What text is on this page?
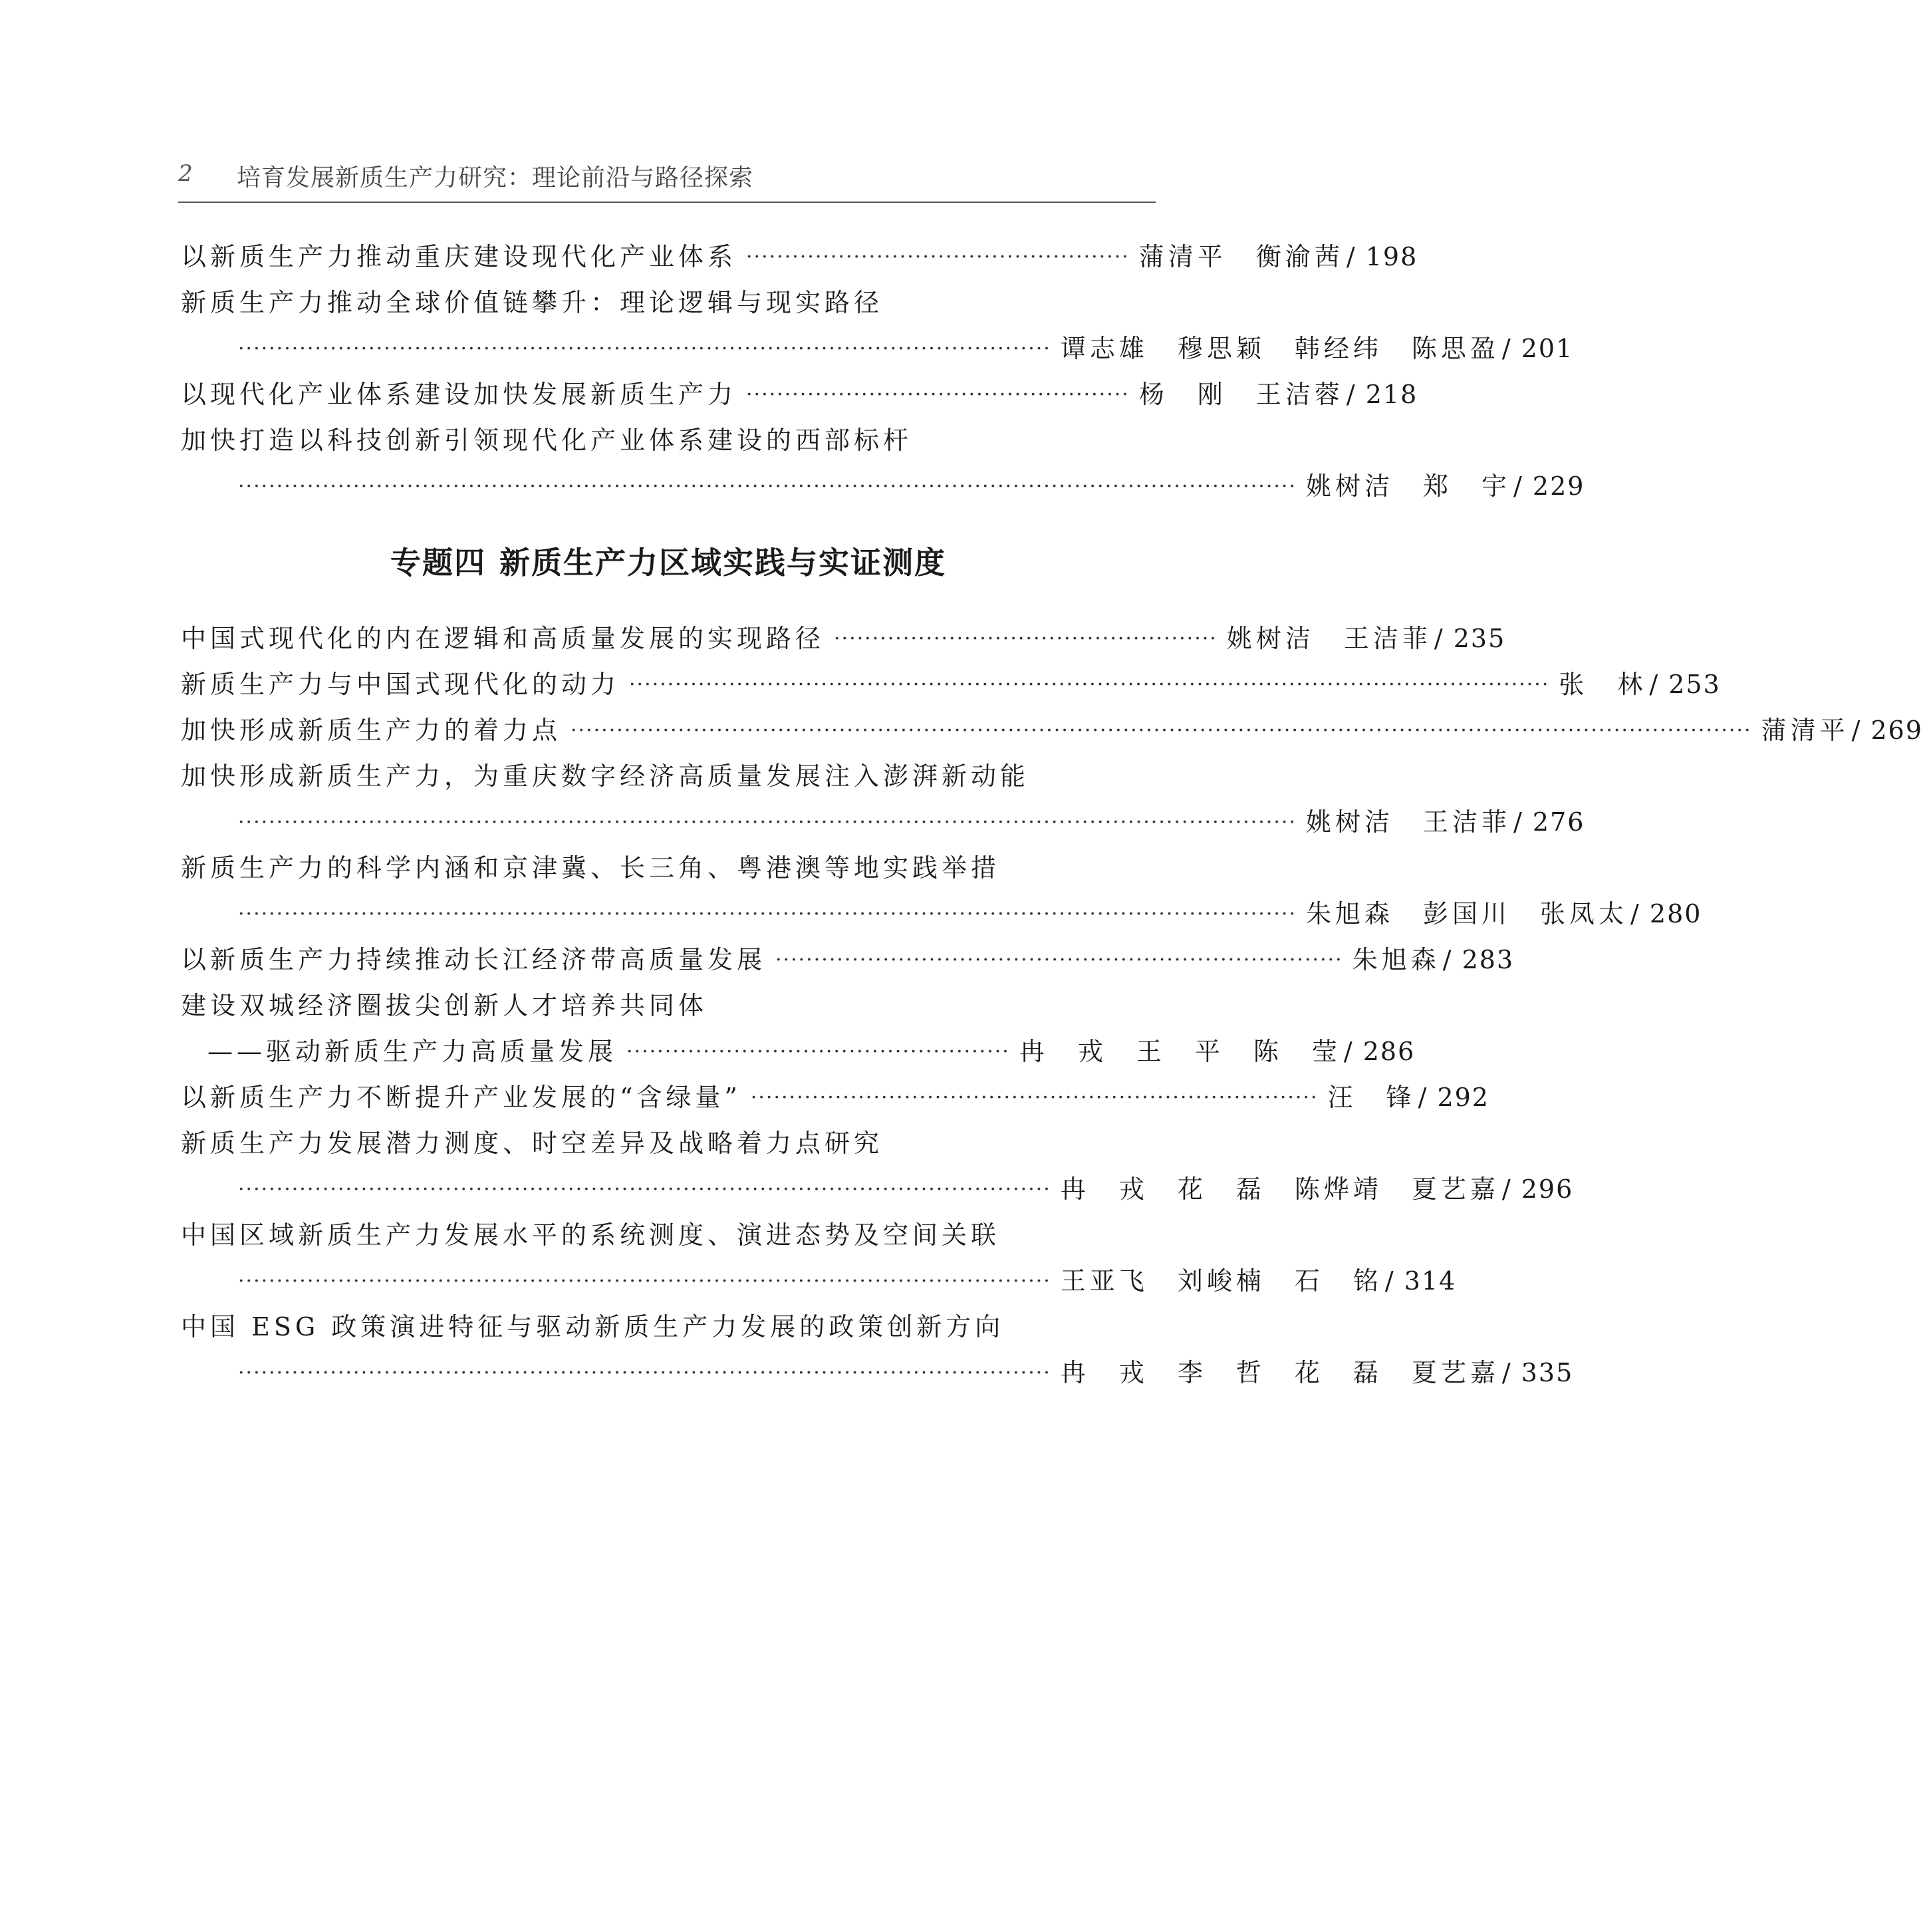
2 培育发展新质生产力研究：理论前沿与路径探索
以新质生产力推动重庆建设现代化产业体系 ·················································· 蒲清平　衡渝茜 / 198
新质生产力推动全球价值链攀升：理论逻辑与现实路径
·········································································································· 谭志雄　穆思颖　韩经纬　陈思盈 / 201
以现代化产业体系建设加快发展新质生产力 ·················································· 杨　刚　王洁蓉 / 218
加快打造以科技创新引领现代化产业体系建设的西部标杆
·········································································································································· 姚树洁　郑　宇 / 229
专题四 新质生产力区域实践与实证测度
中国式现代化的内在逻辑和高质量发展的实现路径 ·················································· 姚树洁　王洁菲 / 235
新质生产力与中国式现代化的动力 ························································································································ 张　林 / 253
加快形成新质生产力的着力点 ·························································································································································· 蒲清平 / 269
加快形成新质生产力，为重庆数字经济高质量发展注入澎湃新动能
·········································································································································· 姚树洁　王洁菲 / 276
新质生产力的科学内涵和京津冀、长三角、粤港澳等地实践举措
·········································································································································· 朱旭森　彭国川　张凤太 / 280
以新质生产力持续推动长江经济带高质量发展 ·········································································· 朱旭森 / 283
建设双城经济圈拔尖创新人才培养共同体
——驱动新质生产力高质量发展 ·················································· 冉　戎　王　平　陈　莹 / 286
以新质生产力不断提升产业发展的“含绿量” ·········································································· 汪　锋 / 292
新质生产力发展潜力测度、时空差异及战略着力点研究
·········································································································· 冉　戎　花　磊　陈烨靖　夏艺嘉 / 296
中国区域新质生产力发展水平的系统测度、演进态势及空间关联
·········································································································· 王亚飞　刘峻楠　石　铭 / 314
中国 ESG 政策演进特征与驱动新质生产力发展的政策创新方向
·········································································································· 冉　戎　李　哲　花　磊　夏艺嘉 / 335
